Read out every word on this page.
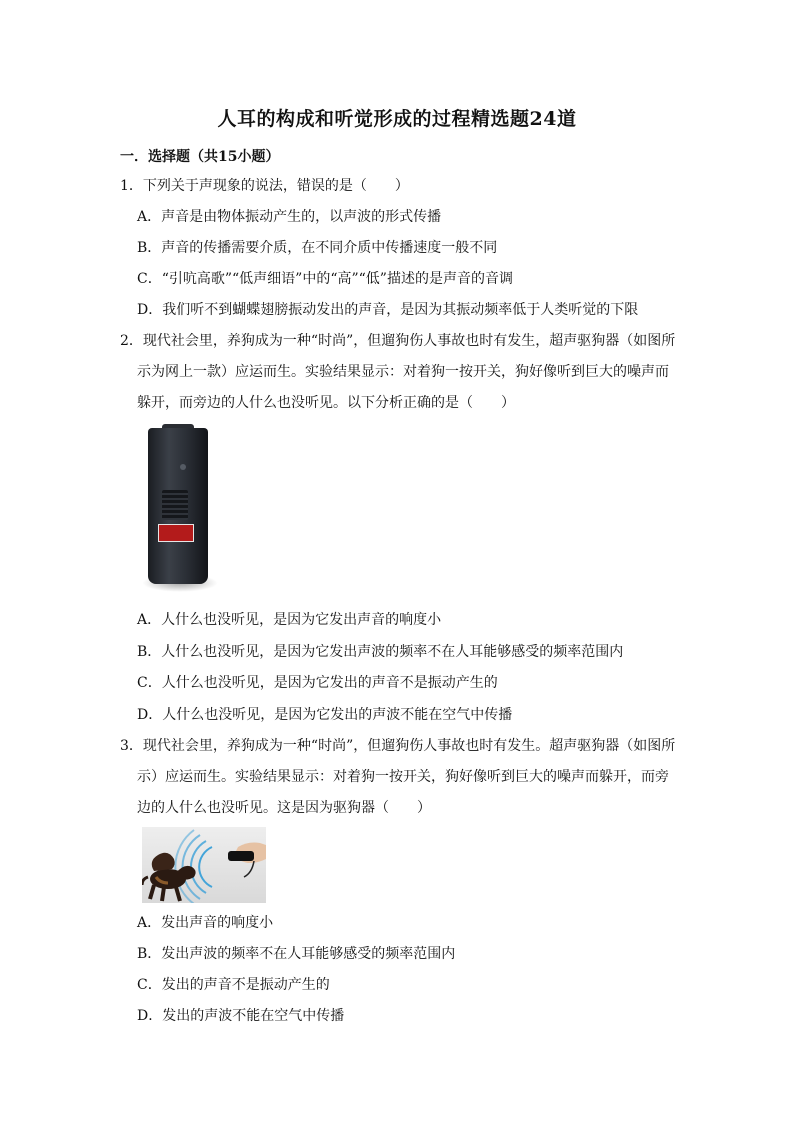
人耳的构成和听觉形成的过程精选题24道
一．选择题（共15小题）
1．下列关于声现象的说法，错误的是（　　）
A．声音是由物体振动产生的，以声波的形式传播
B．声音的传播需要介质，在不同介质中传播速度一般不同
C．“引吭高歌”“低声细语”中的“高”“低”描述的是声音的音调
D．我们听不到蝴蝶翅膀振动发出的声音，是因为其振动频率低于人类听觉的下限
2．现代社会里，养狗成为一种“时尚”，但遛狗伤人事故也时有发生，超声驱狗器（如图所
示为网上一款）应运而生。实验结果显示：对着狗一按开关，狗好像听到巨大的噪声而
躲开，而旁边的人什么也没听见。以下分析正确的是（　　）
A．人什么也没听见，是因为它发出声音的响度小
B．人什么也没听见，是因为它发出声波的频率不在人耳能够感受的频率范围内
C．人什么也没听见，是因为它发出的声音不是振动产生的
D．人什么也没听见，是因为它发出的声波不能在空气中传播
3．现代社会里，养狗成为一种“时尚”，但遛狗伤人事故也时有发生。超声驱狗器（如图所
示）应运而生。实验结果显示：对着狗一按开关，狗好像听到巨大的噪声而躲开，而旁
边的人什么也没听见。这是因为驱狗器（　　）
A．发出声音的响度小
B．发出声波的频率不在人耳能够感受的频率范围内
C．发出的声音不是振动产生的
D．发出的声波不能在空气中传播
